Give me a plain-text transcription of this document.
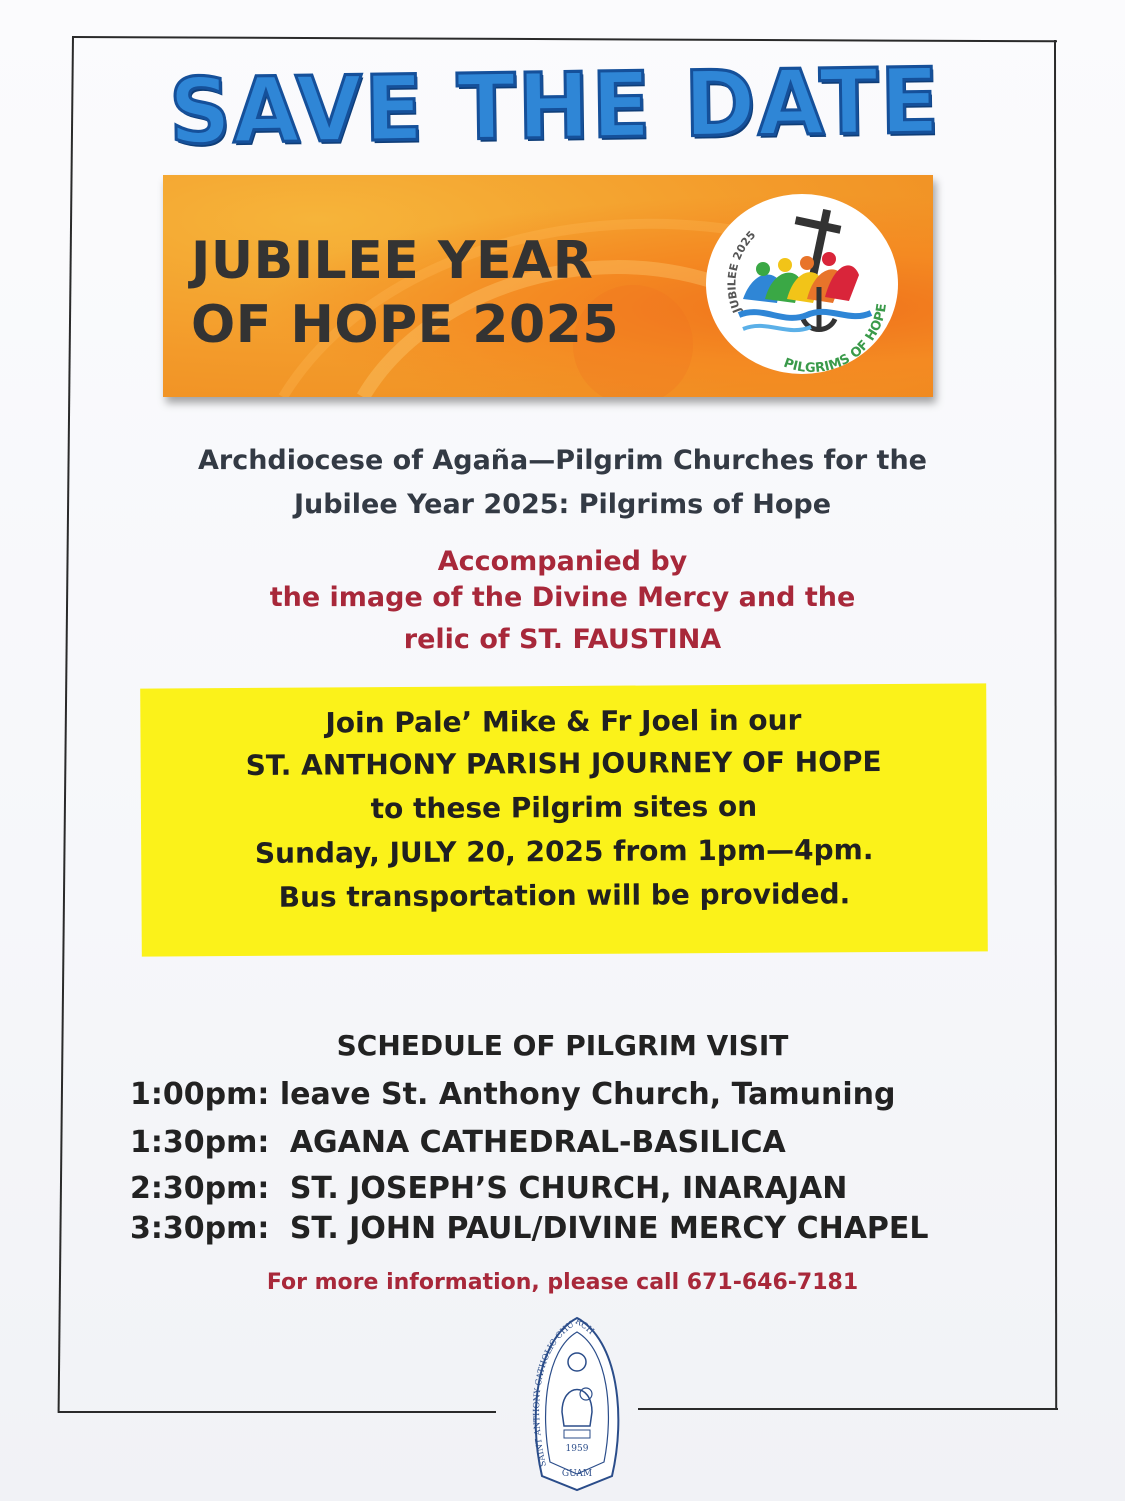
SAVE THE DATE
JUBILEE YEAR
OF HOPE 2025	JUBILEE 2025
PILGRIMS OF HOPE
Archdiocese of Agaña—Pilgrim Churches for the
Jubilee Year 2025: Pilgrims of Hope
Accompanied by
the image of the Divine Mercy and the
relic of ST. FAUSTINA
Join Pale’ Mike & Fr Joel in our
ST. ANTHONY PARISH JOURNEY OF HOPE
to these Pilgrim sites on
Sunday, JULY 20, 2025 from 1pm—4pm.
Bus transportation will be provided.
SCHEDULE OF PILGRIM VISIT
1:00pm: leave St. Anthony Church, Tamuning
1:30pm: AGANA CATHEDRAL-BASILICA
2:30pm: ST. JOSEPH’S CHURCH, INARAJAN
3:30pm: ST. JOHN PAUL/DIVINE MERCY CHAPEL
For more information, please call 671-646-7181
SAINT ANTHONY CATHOLIC CHURCH
1959
GUAM
